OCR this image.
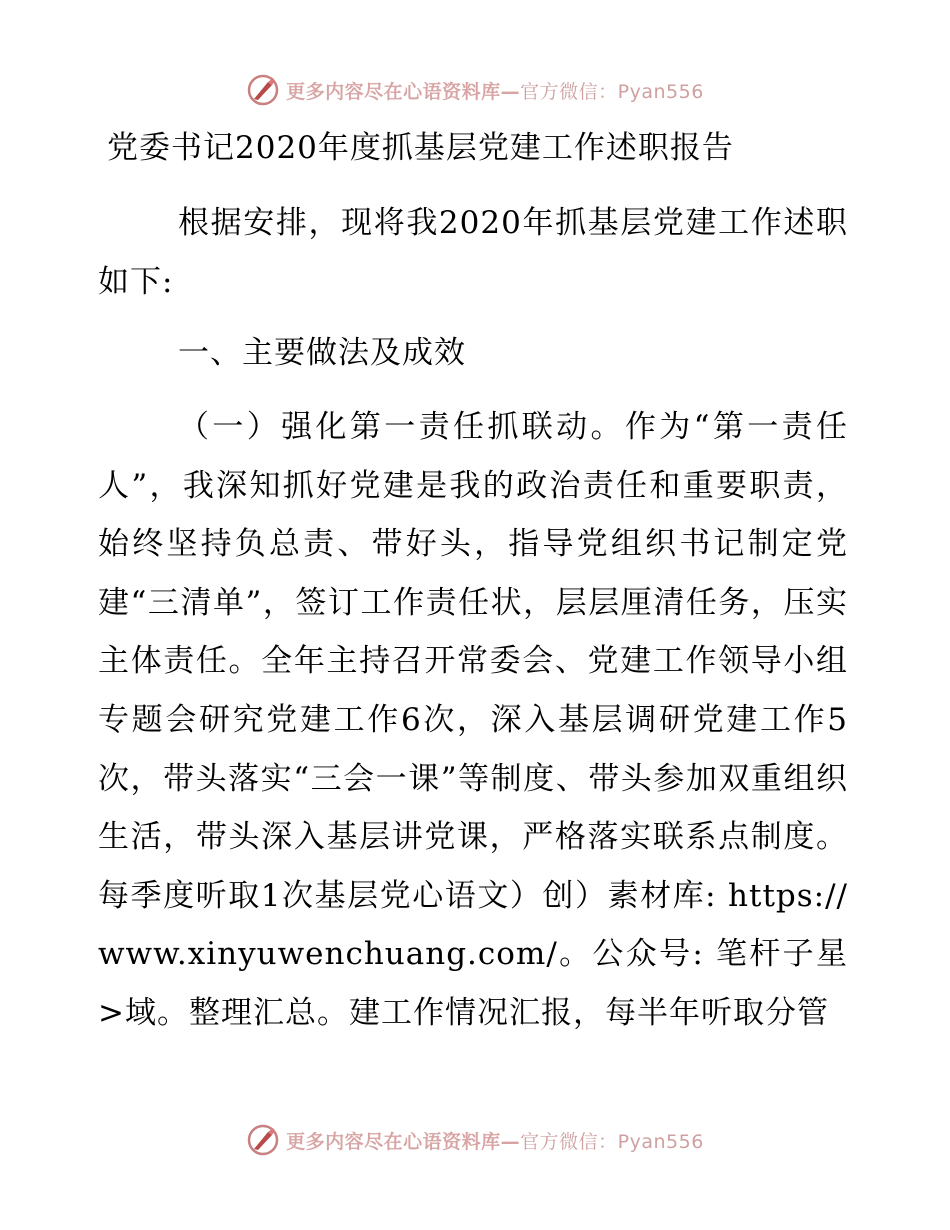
更多内容尽在心语资料库—官方微信：Pyan556
党委书记2020年度抓基层党建工作述职报告
根据安排，现将我2020年抓基层党建工作述职如下:
一、主要做法及成效
（一）强化第一责任抓联动。作为“第一责任人”，我深知抓好党建是我的政治责任和重要职责，始终坚持负总责、带好头，指导党组织书记制定党建“三清单”，签订工作责任状，层层厘清任务，压实主体责任。全年主持召开常委会、党建工作领导小组专题会研究党建工作6次，深入基层调研党建工作5次，带头落实“三会一课”等制度、带头参加双重组织生活，带头深入基层讲党课，严格落实联系点制度。每季度听取1次基层党心语文）创）素材库: https://www.xinyuwenchuang.com/。公众号: 笔杆子星>域。整理汇总。建工作情况汇报，每半年听取分管
更多内容尽在心语资料库—官方微信：Pyan556
